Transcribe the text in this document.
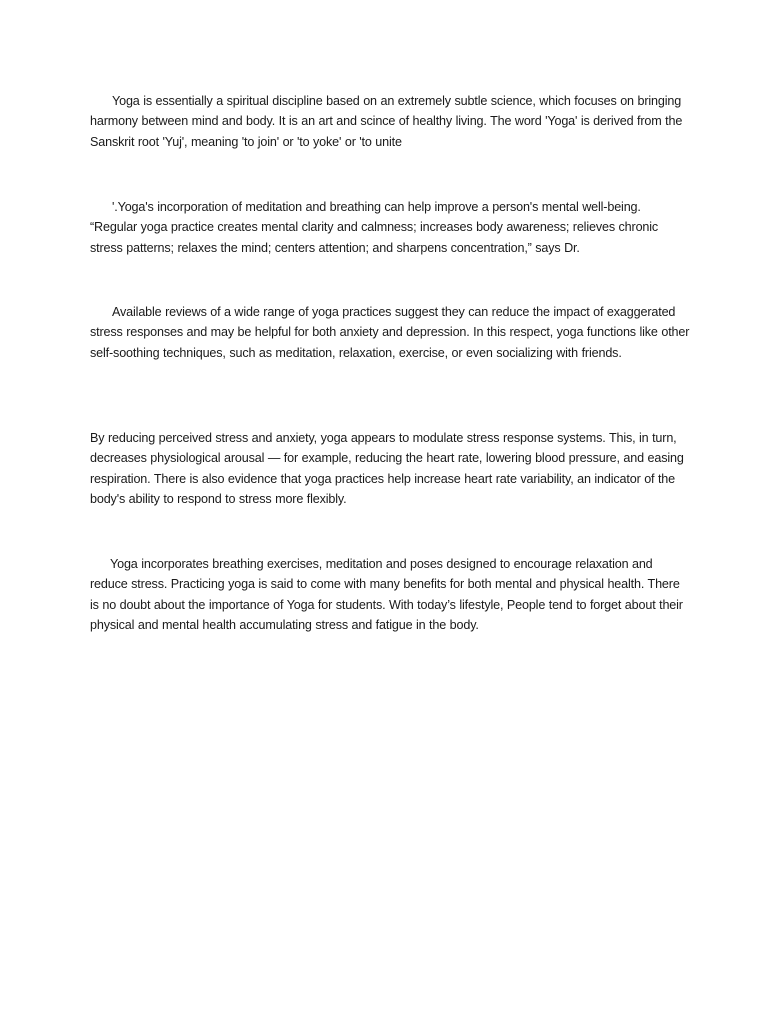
Yoga is essentially a spiritual discipline based on an extremely subtle science, which focuses on bringing harmony between mind and body. It is an art and scince of healthy living. The word 'Yoga' is derived from the Sanskrit root 'Yuj', meaning 'to join' or 'to yoke' or 'to unite

'.Yoga's incorporation of meditation and breathing can help improve a person's mental well-being. “Regular yoga practice creates mental clarity and calmness; increases body awareness; relieves chronic stress patterns; relaxes the mind; centers attention; and sharpens concentration,” says Dr.

Available reviews of a wide range of yoga practices suggest they can reduce the impact of exaggerated stress responses and may be helpful for both anxiety and depression. In this respect, yoga functions like other self-soothing techniques, such as meditation, relaxation, exercise, or even socializing with friends.

By reducing perceived stress and anxiety, yoga appears to modulate stress response systems. This, in turn, decreases physiological arousal — for example, reducing the heart rate, lowering blood pressure, and easing respiration. There is also evidence that yoga practices help increase heart rate variability, an indicator of the body's ability to respond to stress more flexibly.

Yoga incorporates breathing exercises, meditation and poses designed to encourage relaxation and reduce stress. Practicing yoga is said to come with many benefits for both mental and physical health. There is no doubt about the importance of Yoga for students. With today’s lifestyle, People tend to forget about their physical and mental health accumulating stress and fatigue in the body.
